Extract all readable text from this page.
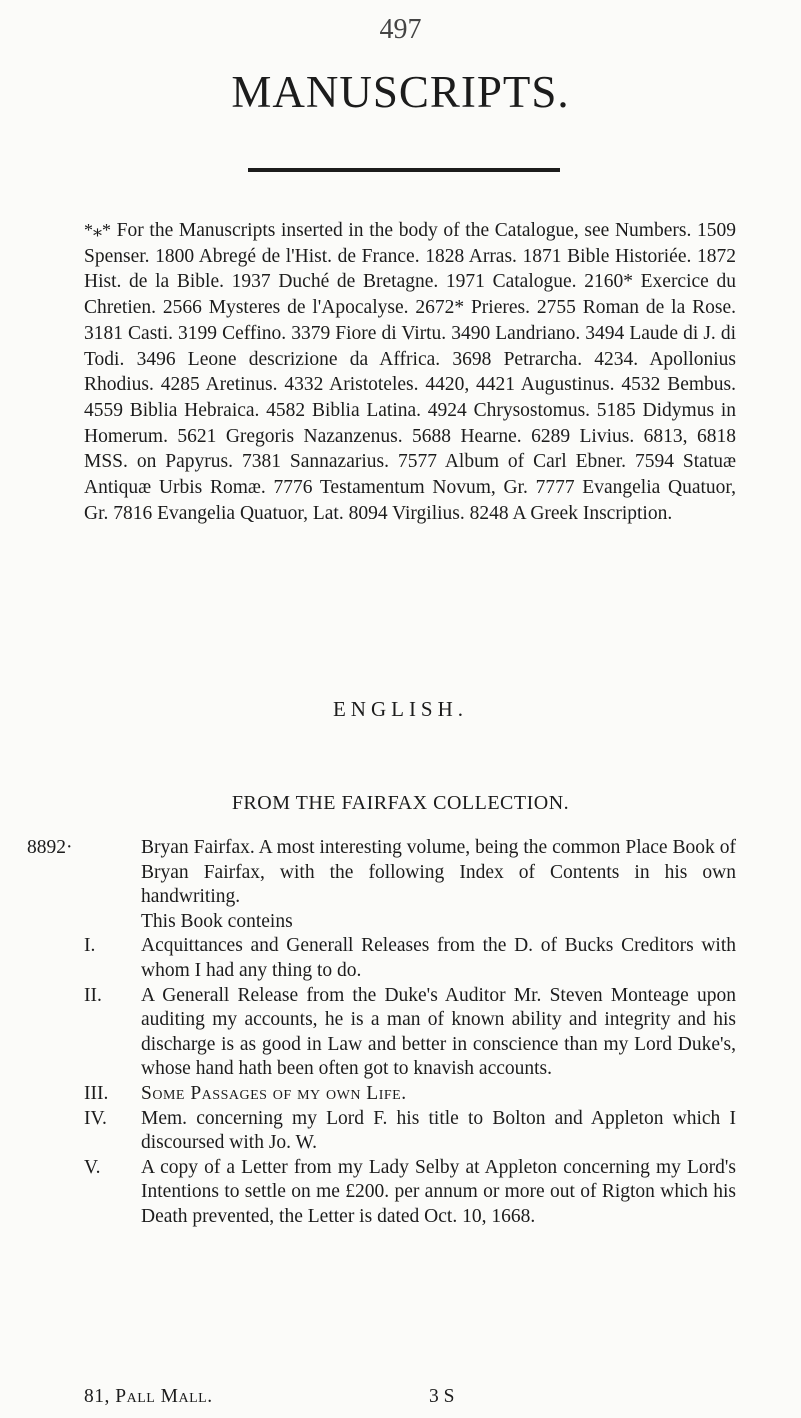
497
MANUSCRIPTS.
*⁎* For the Manuscripts inserted in the body of the Catalogue, see Numbers. 1509 Spenser. 1800 Abregé de l'Hist. de France. 1828 Arras. 1871 Bible Historiée. 1872 Hist. de la Bible. 1937 Duché de Bretagne. 1971 Catalogue. 2160* Exercice du Chretien. 2566 Mysteres de l'Apocalyse. 2672* Prieres. 2755 Roman de la Rose. 3181 Casti. 3199 Ceffino. 3379 Fiore di Virtu. 3490 Landriano. 3494 Laude di J. di Todi. 3496 Leone descrizione da Affrica. 3698 Petrarcha. 4234. Apollonius Rhodius. 4285 Aretinus. 4332 Aristoteles. 4420, 4421 Augustinus. 4532 Bembus. 4559 Biblia Hebraica. 4582 Biblia Latina. 4924 Chrysostomus. 5185 Didymus in Homerum. 5621 Gregoris Nazanzenus. 5688 Hearne. 6289 Livius. 6813, 6818 MSS. on Papyrus. 7381 Sannazarius. 7577 Album of Carl Ebner. 7594 Statuæ Antiquæ Urbis Romæ. 7776 Testamentum Novum, Gr. 7777 Evangelia Quatuor, Gr. 7816 Evangelia Quatuor, Lat. 8094 Virgilius. 8248 A Greek Inscription.
ENGLISH.
FROM THE FAIRFAX COLLECTION.

8892·	Bryan Fairfax. A most interesting volume, being the common Place Book of Bryan Fairfax, with the following Index of Contents in his own handwriting.

This Book conteins

I. Acquittances and Generall Releases from the D. of Bucks Creditors with whom I had any thing to do.

II. A Generall Release from the Duke's Auditor Mr. Steven Monteage upon auditing my accounts, he is a man of known ability and integrity and his discharge is as good in Law and better in conscience than my Lord Duke's, whose hand hath been often got to knavish accounts.

III. Some Passages of my own Life.

IV. Mem. concerning my Lord F. his title to Bolton and Appleton which I discoursed with Jo. W.

V. A copy of a Letter from my Lady Selby at Appleton concerning my Lord's Intentions to settle on me £200. per annum or more out of Rigton which his Death prevented, the Letter is dated Oct. 10, 1668.

81, Pall Mall.	3 S
